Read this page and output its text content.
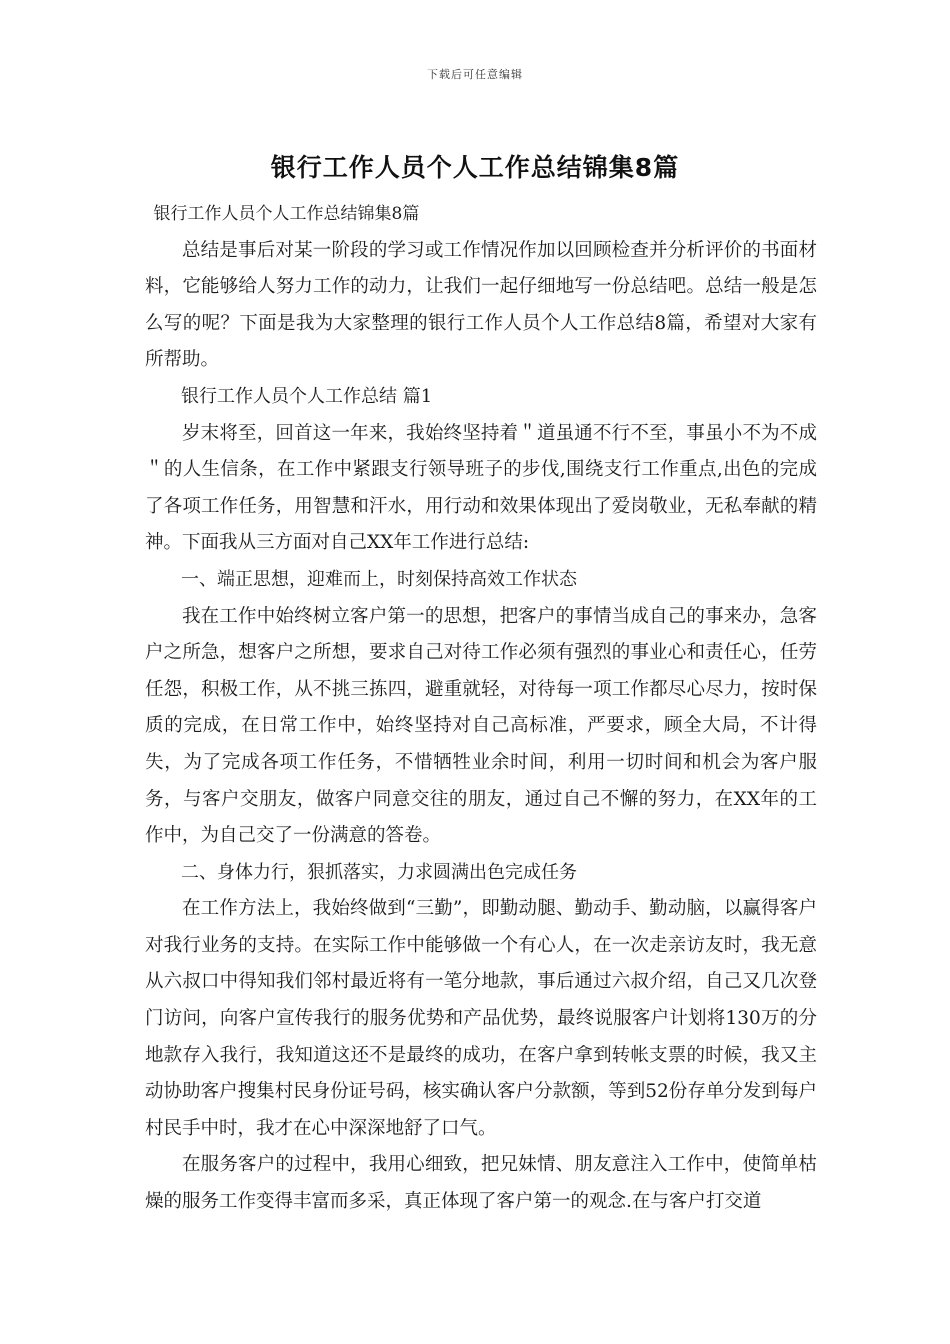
下载后可任意编辑
银行工作人员个人工作总结锦集8篇

银行工作人员个人工作总结锦集8篇

总结是事后对某一阶段的学习或工作情况作加以回顾检查并分析评价的书面材料，它能够给人努力工作的动力，让我们一起仔细地写一份总结吧。总结一般是怎么写的呢？下面是我为大家整理的银行工作人员个人工作总结8篇，希望对大家有所帮助。

银行工作人员个人工作总结 篇1

岁末将至，回首这一年来，我始终坚持着＂道虽通不行不至，事虽小不为不成＂的人生信条，在工作中紧跟支行领导班子的步伐,围绕支行工作重点,出色的完成了各项工作任务，用智慧和汗水，用行动和效果体现出了爱岗敬业，无私奉献的精神。下面我从三方面对自己XX年工作进行总结:

一、端正思想，迎难而上，时刻保持高效工作状态

我在工作中始终树立客户第一的思想，把客户的事情当成自己的事来办，急客户之所急，想客户之所想，要求自己对待工作必须有强烈的事业心和责任心，任劳任怨，积极工作，从不挑三拣四，避重就轻，对待每一项工作都尽心尽力，按时保质的完成，在日常工作中，始终坚持对自己高标准，严要求，顾全大局，不计得失，为了完成各项工作任务，不惜牺牲业余时间，利用一切时间和机会为客户服务，与客户交朋友，做客户同意交往的朋友，通过自己不懈的努力，在XX年的工作中，为自己交了一份满意的答卷。

二、身体力行，狠抓落实，力求圆满出色完成任务

在工作方法上，我始终做到“三勤”，即勤动腿、勤动手、勤动脑，以赢得客户对我行业务的支持。在实际工作中能够做一个有心人，在一次走亲访友时，我无意从六叔口中得知我们邻村最近将有一笔分地款，事后通过六叔介绍，自己又几次登门访问，向客户宣传我行的服务优势和产品优势，最终说服客户计划将130万的分地款存入我行，我知道这还不是最终的成功，在客户拿到转帐支票的时候，我又主动协助客户搜集村民身份证号码，核实确认客户分款额，等到52份存单分发到每户村民手中时，我才在心中深深地舒了口气。

在服务客户的过程中，我用心细致，把兄妹情、朋友意注入工作中，使简单枯燥的服务工作变得丰富而多采，真正体现了客户第一的观念.在与客户打交道
